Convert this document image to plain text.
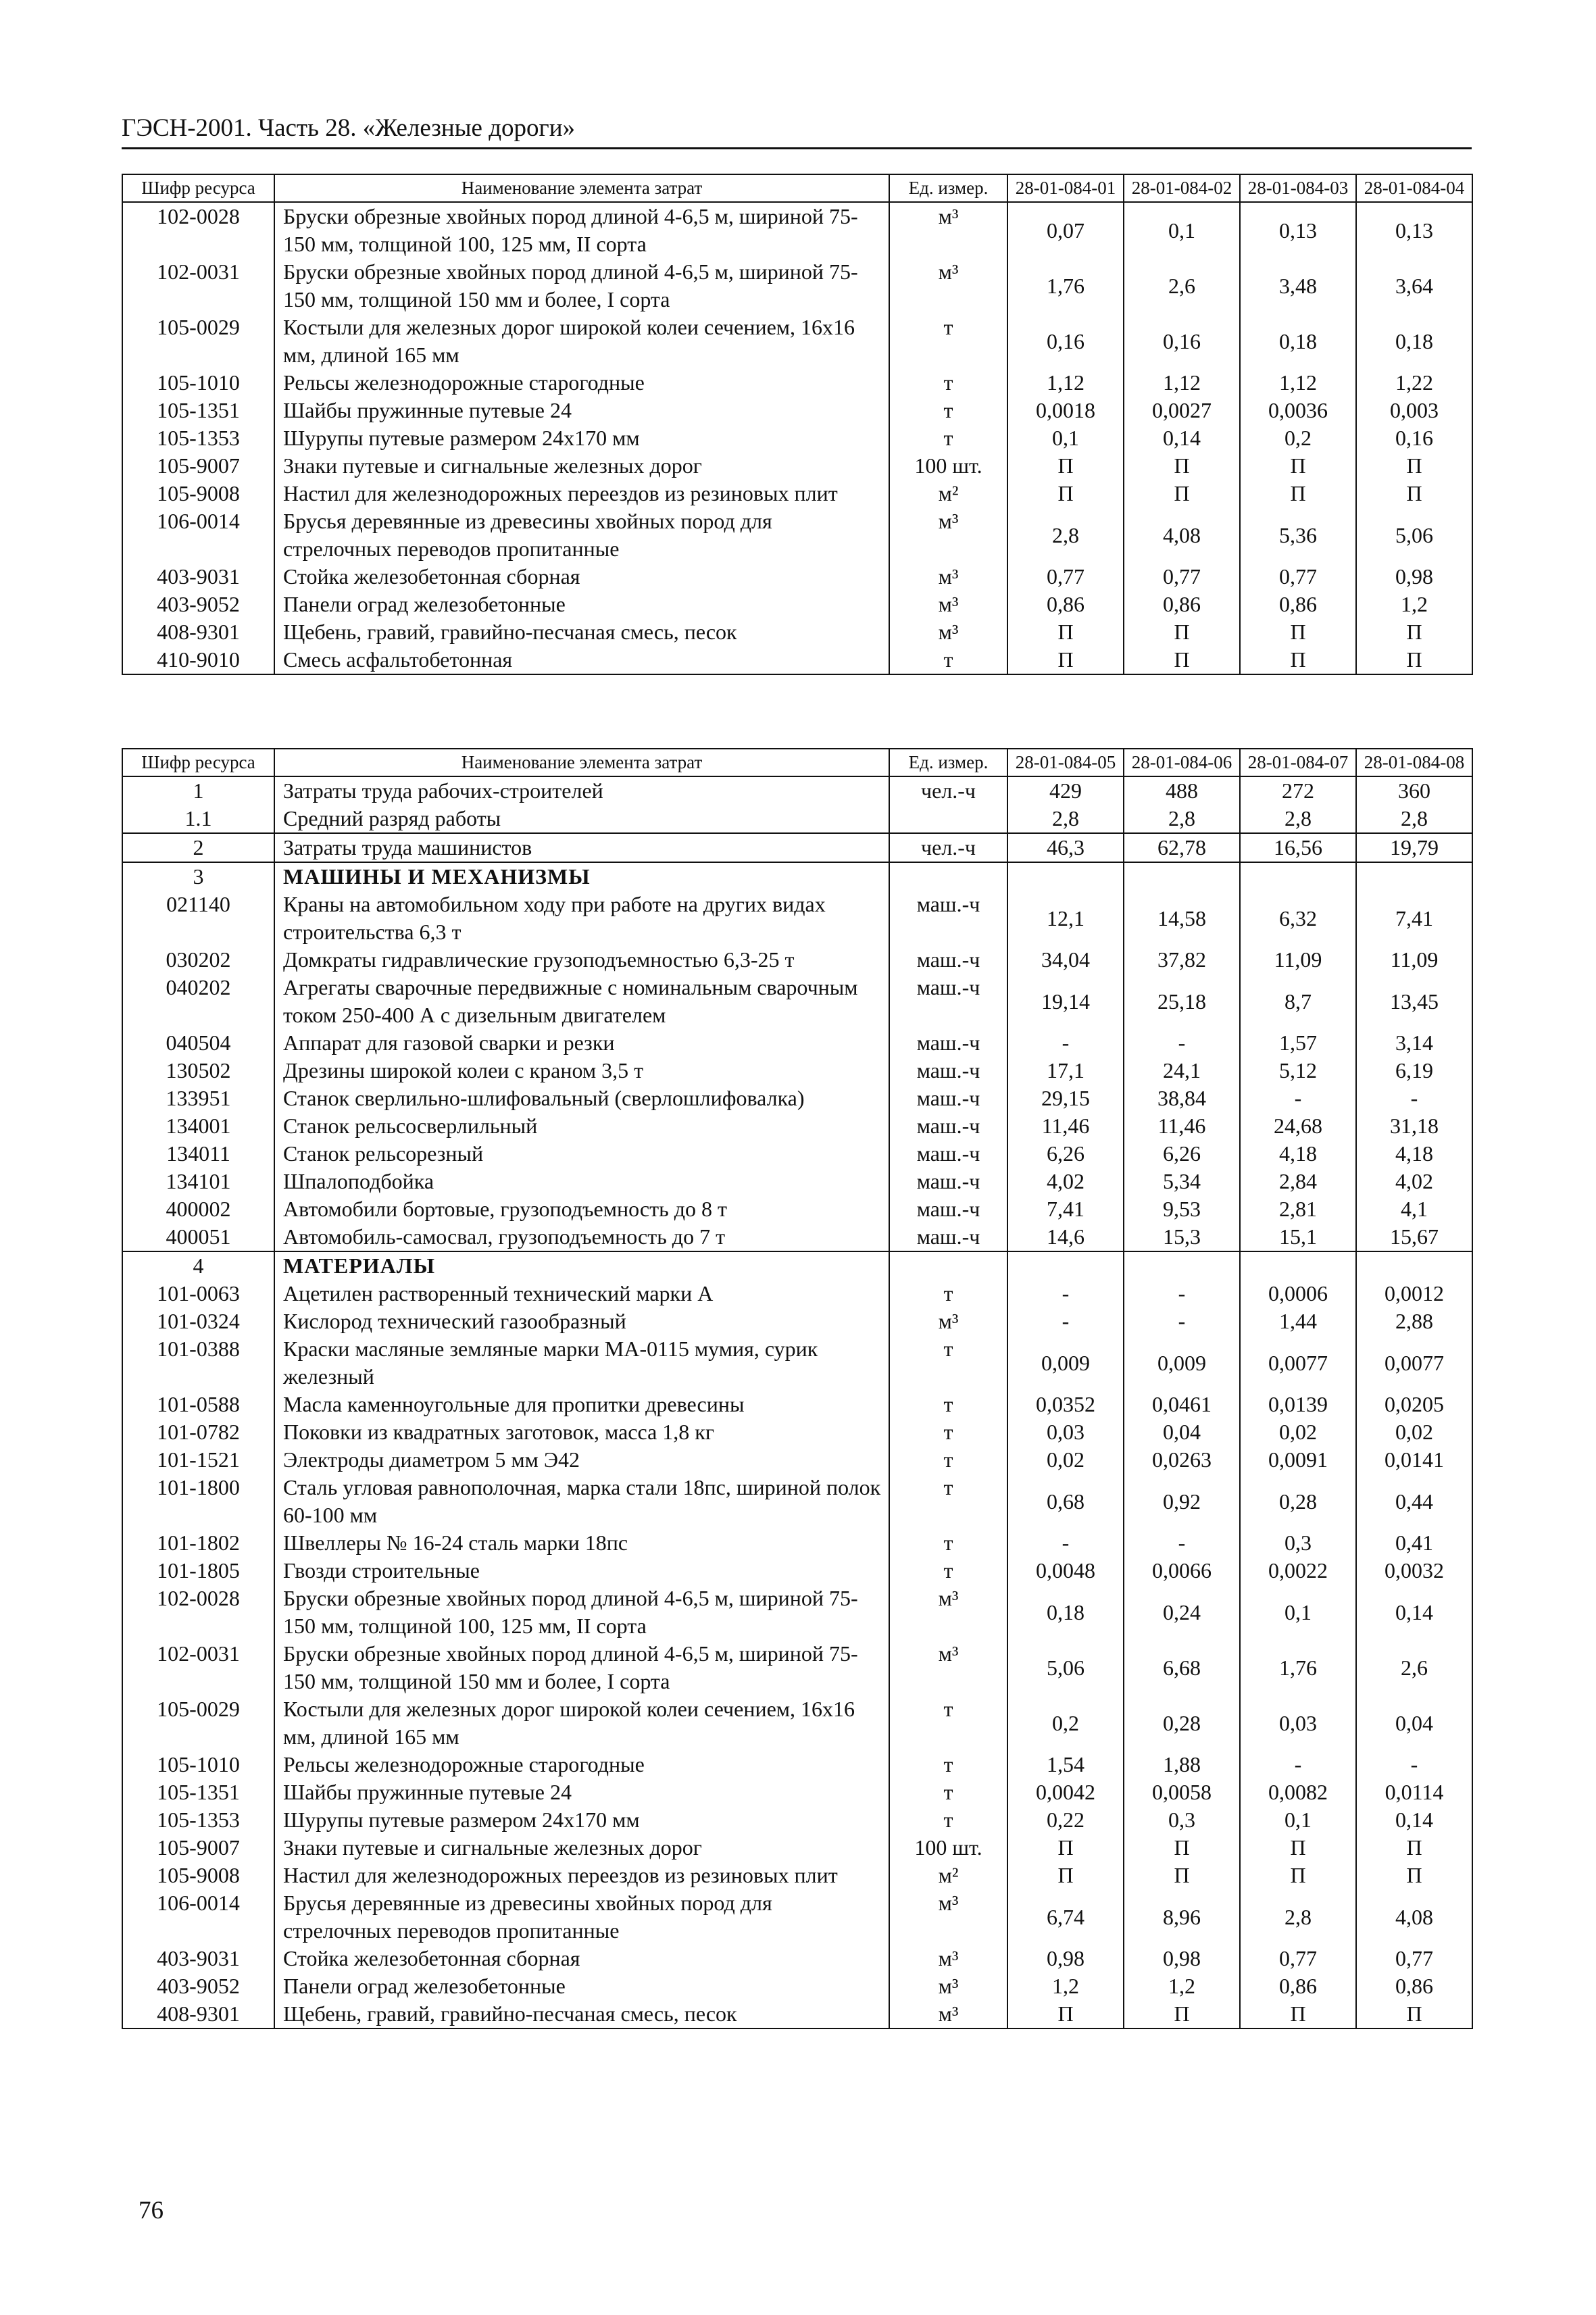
ГЭСН-2001. Часть 28. «Железные дороги»
Шифр ресурса	Наименование элемента затрат	Ед. измер.	28-01-084-01	28-01-084-02	28-01-084-03	28-01-084-04
102-0028	Бруски обрезные хвойных пород длиной 4-6,5 м, шириной 75-150 мм, толщиной 100, 125 мм, II сорта	м³	0,07	0,1	0,13	0,13
102-0031	Бруски обрезные хвойных пород длиной 4-6,5 м, шириной 75-150 мм, толщиной 150 мм и более, I сорта	м³	1,76	2,6	3,48	3,64
105-0029	Костыли для железных дорог широкой колеи сечением, 16х16 мм, длиной 165 мм	т	0,16	0,16	0,18	0,18
105-1010	Рельсы железнодорожные старогодные	т	1,12	1,12	1,12	1,22
105-1351	Шайбы пружинные путевые 24	т	0,0018	0,0027	0,0036	0,003
105-1353	Шурупы путевые размером 24х170 мм	т	0,1	0,14	0,2	0,16
105-9007	Знаки путевые и сигнальные железных дорог	100 шт.	П	П	П	П
105-9008	Настил для железнодорожных переездов из резиновых плит	м²	П	П	П	П
106-0014	Брусья деревянные из древесины хвойных пород для стрелочных переводов пропитанные	м³	2,8	4,08	5,36	5,06
403-9031	Стойка железобетонная сборная	м³	0,77	0,77	0,77	0,98
403-9052	Панели оград железобетонные	м³	0,86	0,86	0,86	1,2
408-9301	Щебень, гравий, гравийно-песчаная смесь, песок	м³	П	П	П	П
410-9010	Смесь асфальтобетонная	т	П	П	П	П
Шифр ресурса	Наименование элемента затрат	Ед. измер.	28-01-084-05	28-01-084-06	28-01-084-07	28-01-084-08
1	Затраты труда рабочих-строителей	чел.-ч	429	488	272	360
1.1	Средний разряд работы		2,8	2,8	2,8	2,8
2	Затраты труда машинистов	чел.-ч	46,3	62,78	16,56	19,79
3	МАШИНЫ И МЕХАНИЗМЫ					
021140	Краны на автомобильном ходу при работе на других видах строительства 6,3 т	маш.-ч	12,1	14,58	6,32	7,41
030202	Домкраты гидравлические грузоподъемностью 6,3-25 т	маш.-ч	34,04	37,82	11,09	11,09
040202	Агрегаты сварочные передвижные с номинальным сварочным током 250-400 А с дизельным двигателем	маш.-ч	19,14	25,18	8,7	13,45
040504	Аппарат для газовой сварки и резки	маш.-ч	-	-	1,57	3,14
130502	Дрезины широкой колеи с краном 3,5 т	маш.-ч	17,1	24,1	5,12	6,19
133951	Станок сверлильно-шлифовальный (сверлошлифовалка)	маш.-ч	29,15	38,84	-	-
134001	Станок рельсосверлильный	маш.-ч	11,46	11,46	24,68	31,18
134011	Станок рельсорезный	маш.-ч	6,26	6,26	4,18	4,18
134101	Шпалоподбойка	маш.-ч	4,02	5,34	2,84	4,02
400002	Автомобили бортовые, грузоподъемность до 8 т	маш.-ч	7,41	9,53	2,81	4,1
400051	Автомобиль-самосвал, грузоподъемность до 7 т	маш.-ч	14,6	15,3	15,1	15,67
4	МАТЕРИАЛЫ					
101-0063	Ацетилен растворенный технический марки А	т	-	-	0,0006	0,0012
101-0324	Кислород технический газообразный	м³	-	-	1,44	2,88
101-0388	Краски масляные земляные марки МА-0115 мумия, сурик железный	т	0,009	0,009	0,0077	0,0077
101-0588	Масла каменноугольные для пропитки древесины	т	0,0352	0,0461	0,0139	0,0205
101-0782	Поковки из квадратных заготовок, масса 1,8 кг	т	0,03	0,04	0,02	0,02
101-1521	Электроды диаметром 5 мм Э42	т	0,02	0,0263	0,0091	0,0141
101-1800	Сталь угловая равнополочная, марка стали 18пс, шириной полок 60-100 мм	т	0,68	0,92	0,28	0,44
101-1802	Швеллеры № 16-24 сталь марки 18пс	т	-	-	0,3	0,41
101-1805	Гвозди строительные	т	0,0048	0,0066	0,0022	0,0032
102-0028	Бруски обрезные хвойных пород длиной 4-6,5 м, шириной 75-150 мм, толщиной 100, 125 мм, II сорта	м³	0,18	0,24	0,1	0,14
102-0031	Бруски обрезные хвойных пород длиной 4-6,5 м, шириной 75-150 мм, толщиной 150 мм и более, I сорта	м³	5,06	6,68	1,76	2,6
105-0029	Костыли для железных дорог широкой колеи сечением, 16х16 мм, длиной 165 мм	т	0,2	0,28	0,03	0,04
105-1010	Рельсы железнодорожные старогодные	т	1,54	1,88	-	-
105-1351	Шайбы пружинные путевые 24	т	0,0042	0,0058	0,0082	0,0114
105-1353	Шурупы путевые размером 24х170 мм	т	0,22	0,3	0,1	0,14
105-9007	Знаки путевые и сигнальные железных дорог	100 шт.	П	П	П	П
105-9008	Настил для железнодорожных переездов из резиновых плит	м²	П	П	П	П
106-0014	Брусья деревянные из древесины хвойных пород для стрелочных переводов пропитанные	м³	6,74	8,96	2,8	4,08
403-9031	Стойка железобетонная сборная	м³	0,98	0,98	0,77	0,77
403-9052	Панели оград железобетонные	м³	1,2	1,2	0,86	0,86
408-9301	Щебень, гравий, гравийно-песчаная смесь, песок	м³	П	П	П	П
76
